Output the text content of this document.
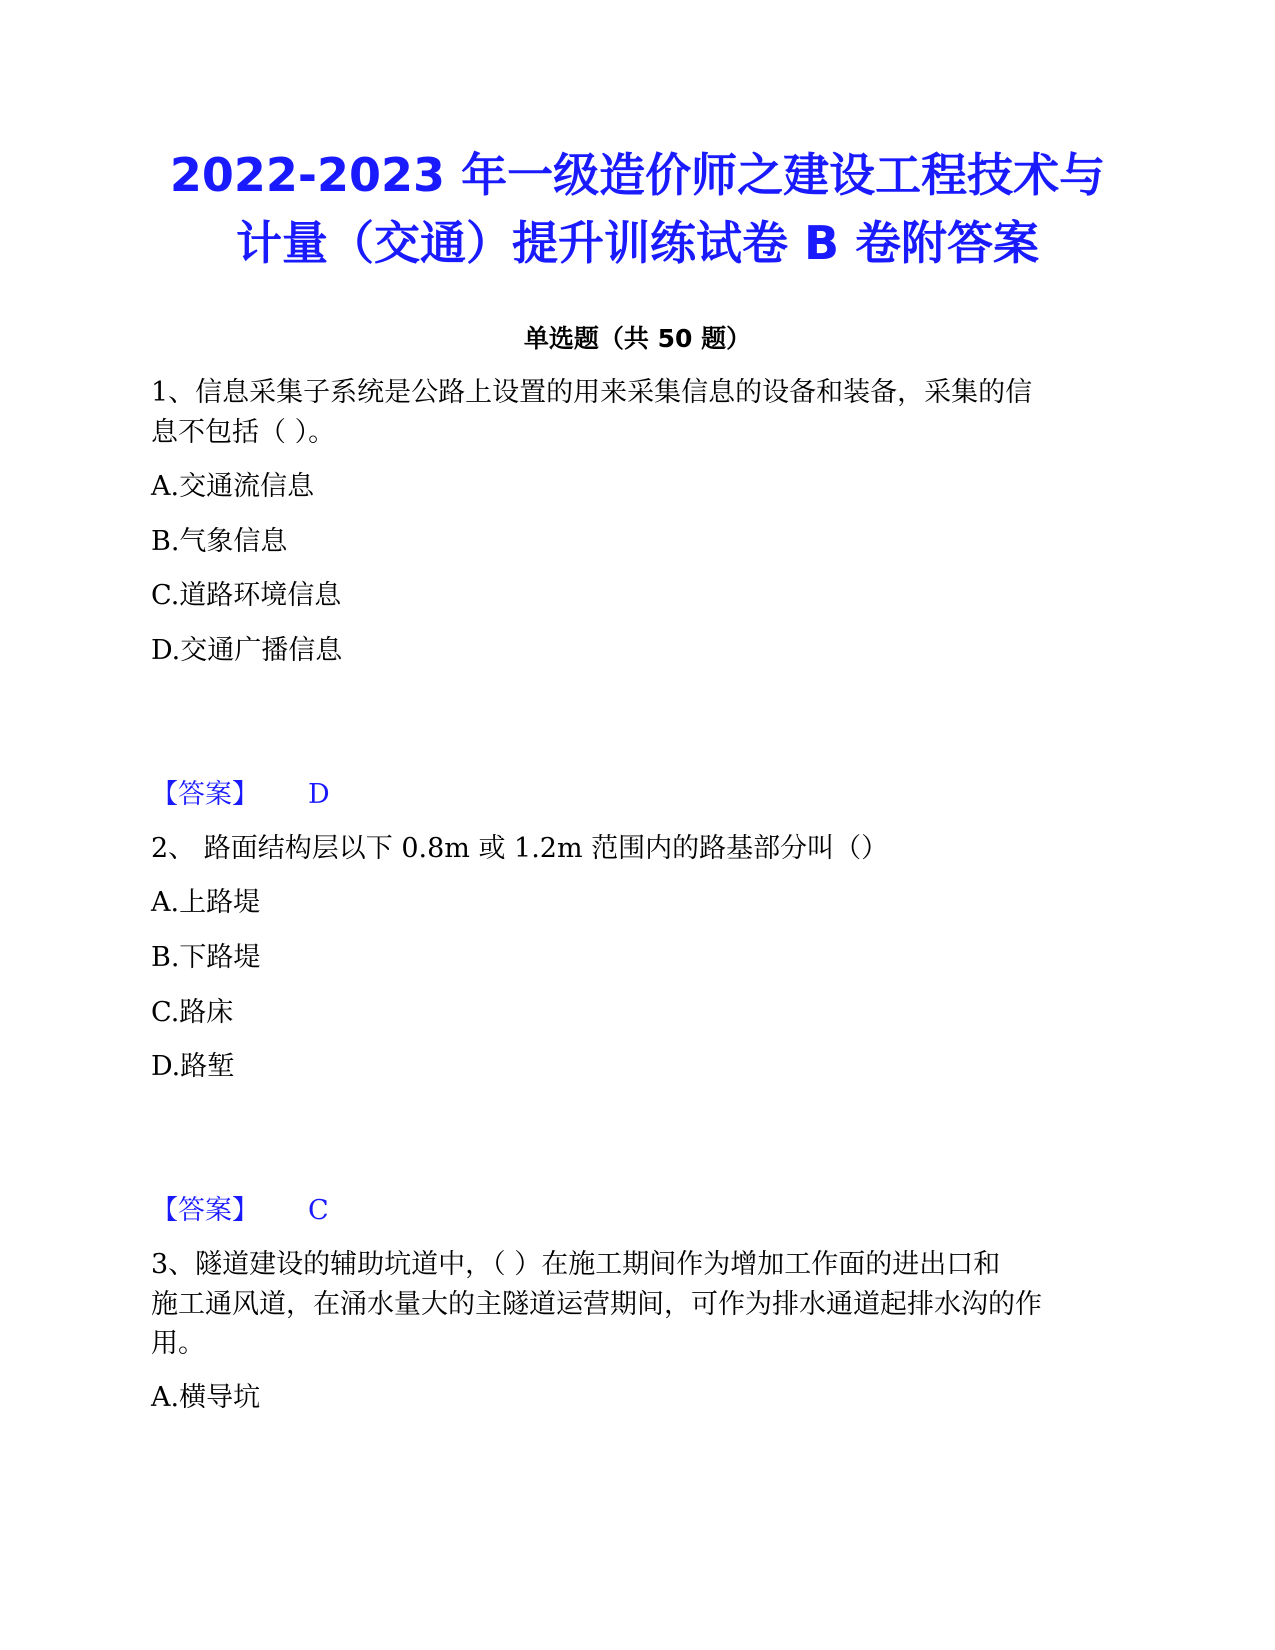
2022-2023 年一级造价师之建设工程技术与
计量（交通）提升训练试卷 B 卷附答案
单选题（共 50 题）
1、信息采集子系统是公路上设置的用来采集信息的设备和装备，采集的信
息不包括（ ）。
A.交通流信息
B.气象信息
C.道路环境信息
D.交通广播信息
【答案】 D
2、 路面结构层以下 0.8m 或 1.2m 范围内的路基部分叫（）
A.上路堤
B.下路堤
C.路床
D.路堑
【答案】 C
3、隧道建设的辅助坑道中，（ ）在施工期间作为增加工作面的进出口和
施工通风道，在涌水量大的主隧道运营期间，可作为排水通道起排水沟的作
用。
A.横导坑
